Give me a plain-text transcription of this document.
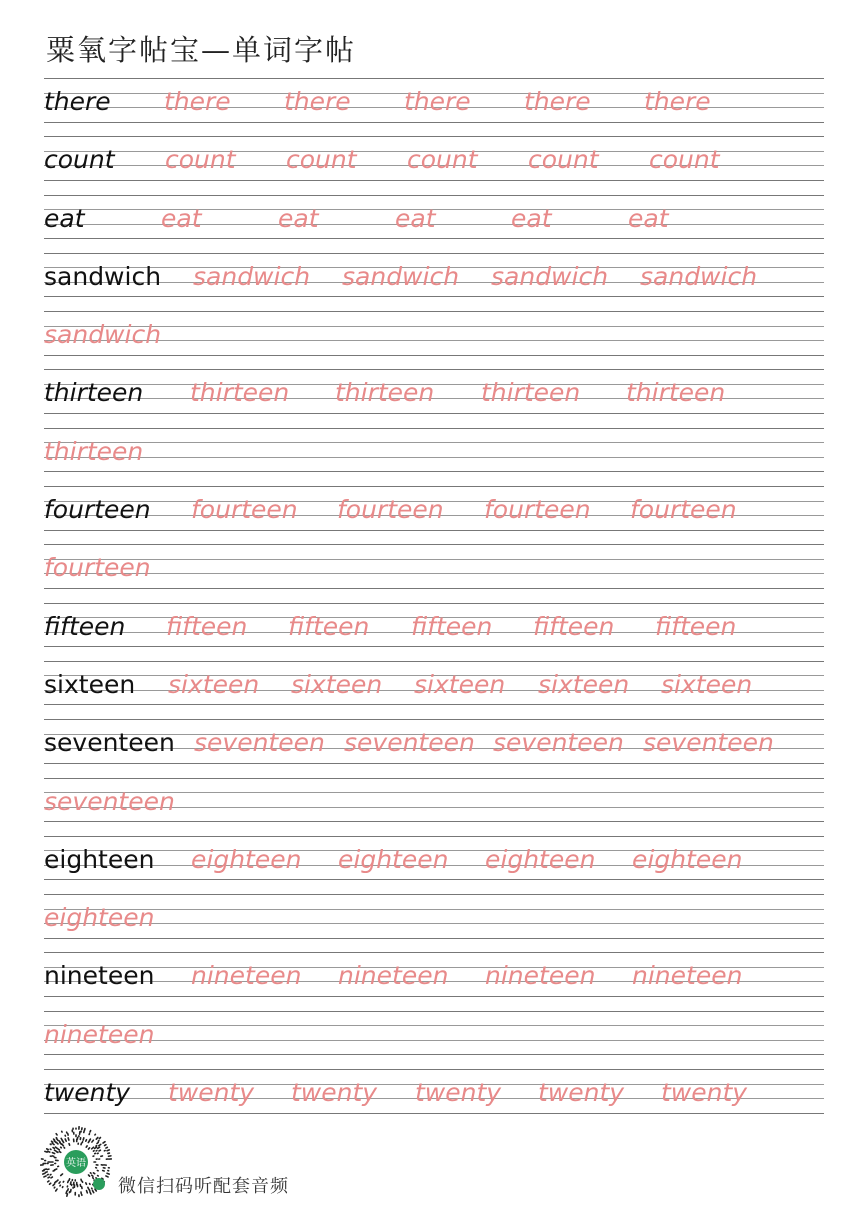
粟氧字帖宝—单词字帖
there there there there there there
count count count count count count
eat	eat	eat	eat	eat	eat
sandwich sandwich sandwich sandwich sandwich
sandwich
thirteen thirteen thirteen thirteen thirteen
thirteen
fourteen fourteen fourteen fourteen fourteen
fourteen
fifteen fifteen fifteen fifteen fifteen fifteen
sixteen sixteen sixteen sixteen sixteen sixteen
seventeen seventeen seventeen seventeen seventeen
seventeen
eighteen eighteen eighteen eighteen eighteen
eighteen
nineteen nineteen nineteen nineteen nineteen
nineteen
twenty twenty twenty twenty twenty twenty
英语
微信扫码听配套音频
